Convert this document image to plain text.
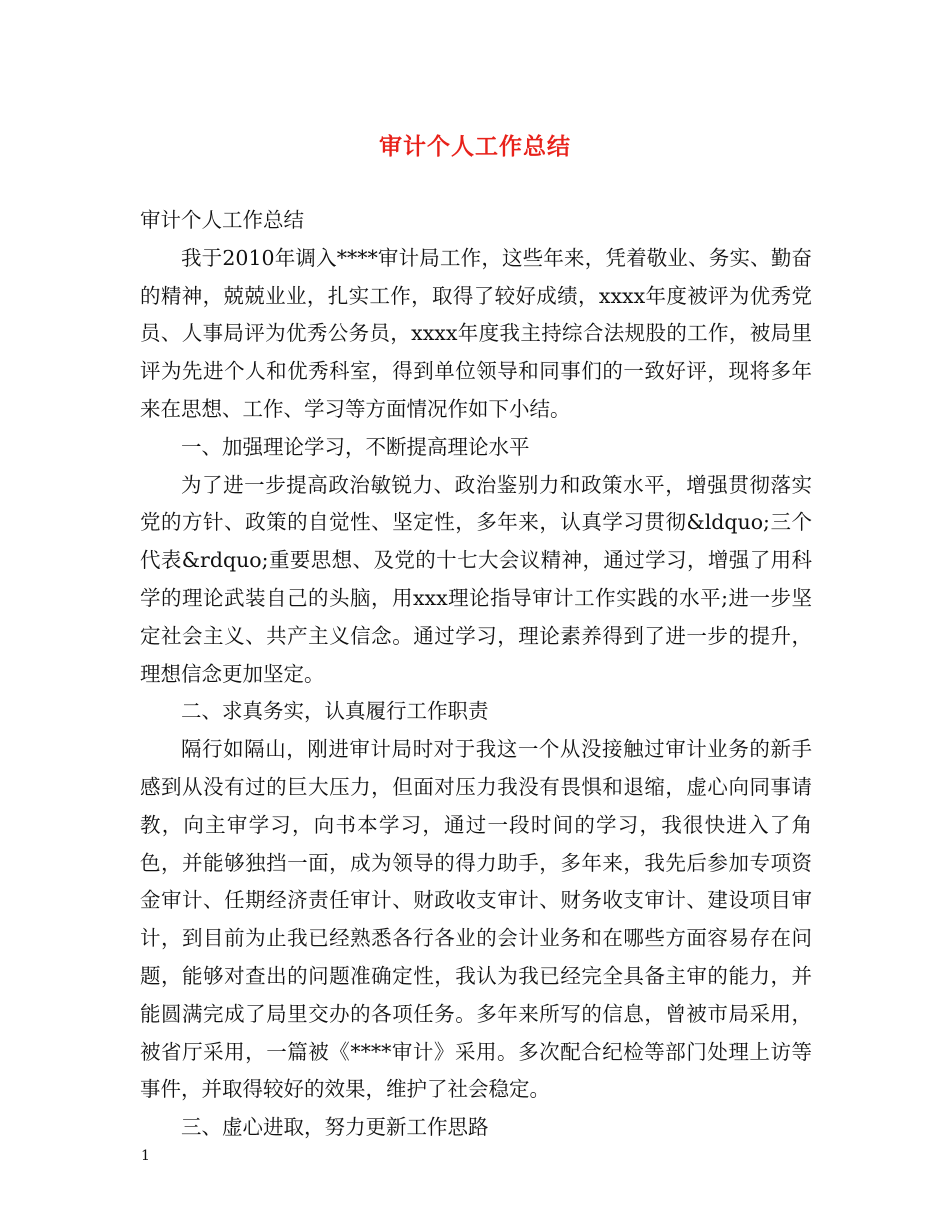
审计个人工作总结

审计个人工作总结

我于2010年调入****审计局工作，这些年来，凭着敬业、务实、勤奋的精神，兢兢业业，扎实工作，取得了较好成绩，xxxx年度被评为优秀党员、人事局评为优秀公务员，xxxx年度我主持综合法规股的工作，被局里评为先进个人和优秀科室，得到单位领导和同事们的一致好评，现将多年来在思想、工作、学习等方面情况作如下小结。

一、加强理论学习，不断提高理论水平

为了进一步提高政治敏锐力、政治鉴别力和政策水平，增强贯彻落实党的方针、政策的自觉性、坚定性，多年来，认真学习贯彻&ldquo;三个代表&rdquo;重要思想、及党的十七大会议精神，通过学习，增强了用科学的理论武装自己的头脑，用xxx理论指导审计工作实践的水平;进一步坚定社会主义、共产主义信念。通过学习，理论素养得到了进一步的提升，理想信念更加坚定。

二、求真务实，认真履行工作职责

隔行如隔山，刚进审计局时对于我这一个从没接触过审计业务的新手感到从没有过的巨大压力，但面对压力我没有畏惧和退缩，虚心向同事请教，向主审学习，向书本学习，通过一段时间的学习，我很快进入了角色，并能够独挡一面，成为领导的得力助手，多年来，我先后参加专项资金审计、任期经济责任审计、财政收支审计、财务收支审计、建设项目审计，到目前为止我已经熟悉各行各业的会计业务和在哪些方面容易存在问题，能够对查出的问题准确定性，我认为我已经完全具备主审的能力，并能圆满完成了局里交办的各项任务。多年来所写的信息，曾被市局采用，被省厅采用，一篇被《****审计》采用。多次配合纪检等部门处理上访等事件，并取得较好的效果，维护了社会稳定。

三、虚心进取，努力更新工作思路

1
